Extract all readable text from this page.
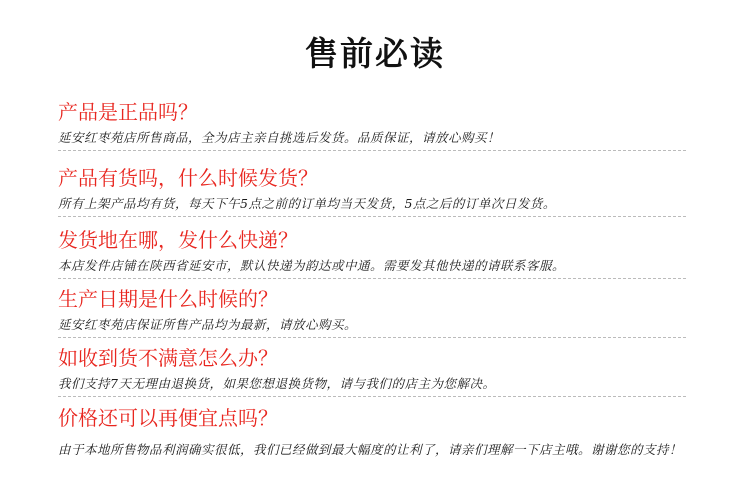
售前必读
产品是正品吗？
延安红枣苑店所售商品，全为店主亲自挑选后发货。品质保证，请放心购买！
产品有货吗，什么时候发货？
所有上架产品均有货，每天下午5点之前的订单均当天发货，5点之后的订单次日发货。
发货地在哪，发什么快递？
本店发件店铺在陕西省延安市，默认快递为韵达或中通。需要发其他快递的请联系客服。
生产日期是什么时候的？
延安红枣苑店保证所售产品均为最新，请放心购买。
如收到货不满意怎么办？
我们支持7天无理由退换货，如果您想退换货物，请与我们的店主为您解决。
价格还可以再便宜点吗？
由于本地所售物品利润确实很低，我们已经做到最大幅度的让利了，请亲们理解一下店主哦。谢谢您的支持！
